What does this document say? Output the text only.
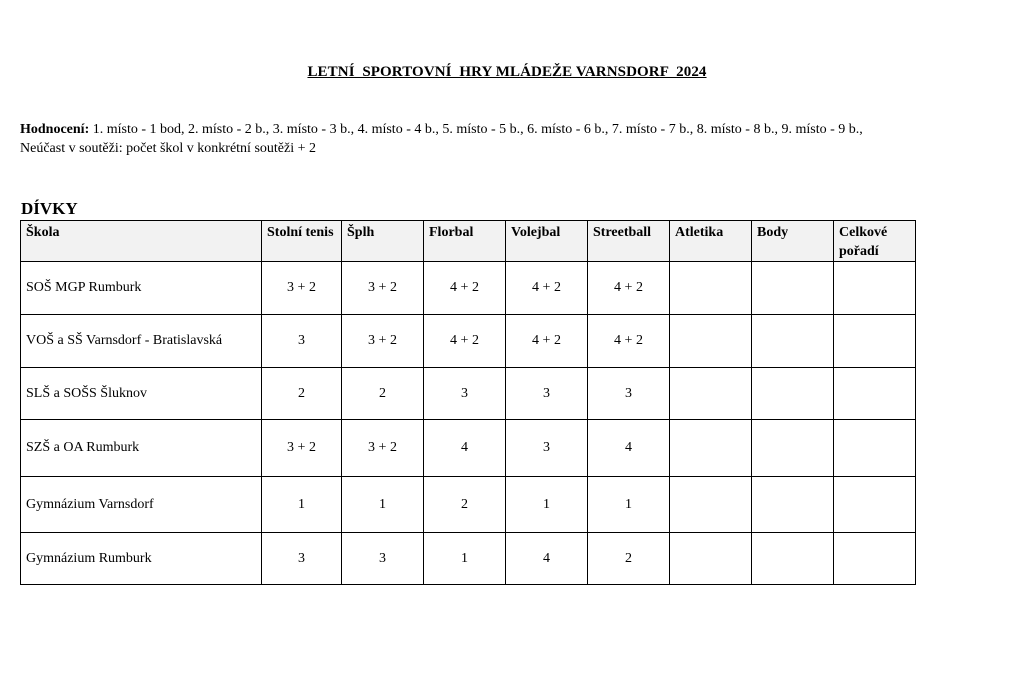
LETNÍ  SPORTOVNÍ  HRY MLÁDEŽE VARNSDORF  2024
Hodnocení: 1. místo - 1 bod, 2. místo - 2 b., 3. místo - 3 b., 4. místo - 4 b., 5. místo - 5 b., 6. místo - 6 b., 7. místo - 7 b., 8. místo - 8 b., 9. místo - 9 b.,
Neúčast v soutěži: počet škol v konkrétní soutěži + 2
DÍVKY
Škola	Stolní tenis	Šplh	Florbal	Volejbal	Streetball	Atletika	Body	Celkové pořadí
SOŠ MGP Rumburk	3 + 2	3 + 2	4 + 2	4 + 2	4 + 2			
VOŠ a SŠ Varnsdorf - Bratislavská	3	3 + 2	4 + 2	4 + 2	4 + 2			
SLŠ a SOŠS Šluknov	2	2	3	3	3			
SZŠ a OA Rumburk	3 + 2	3 + 2	4	3	4			
Gymnázium Varnsdorf	1	1	2	1	1			
Gymnázium Rumburk	3	3	1	4	2			
